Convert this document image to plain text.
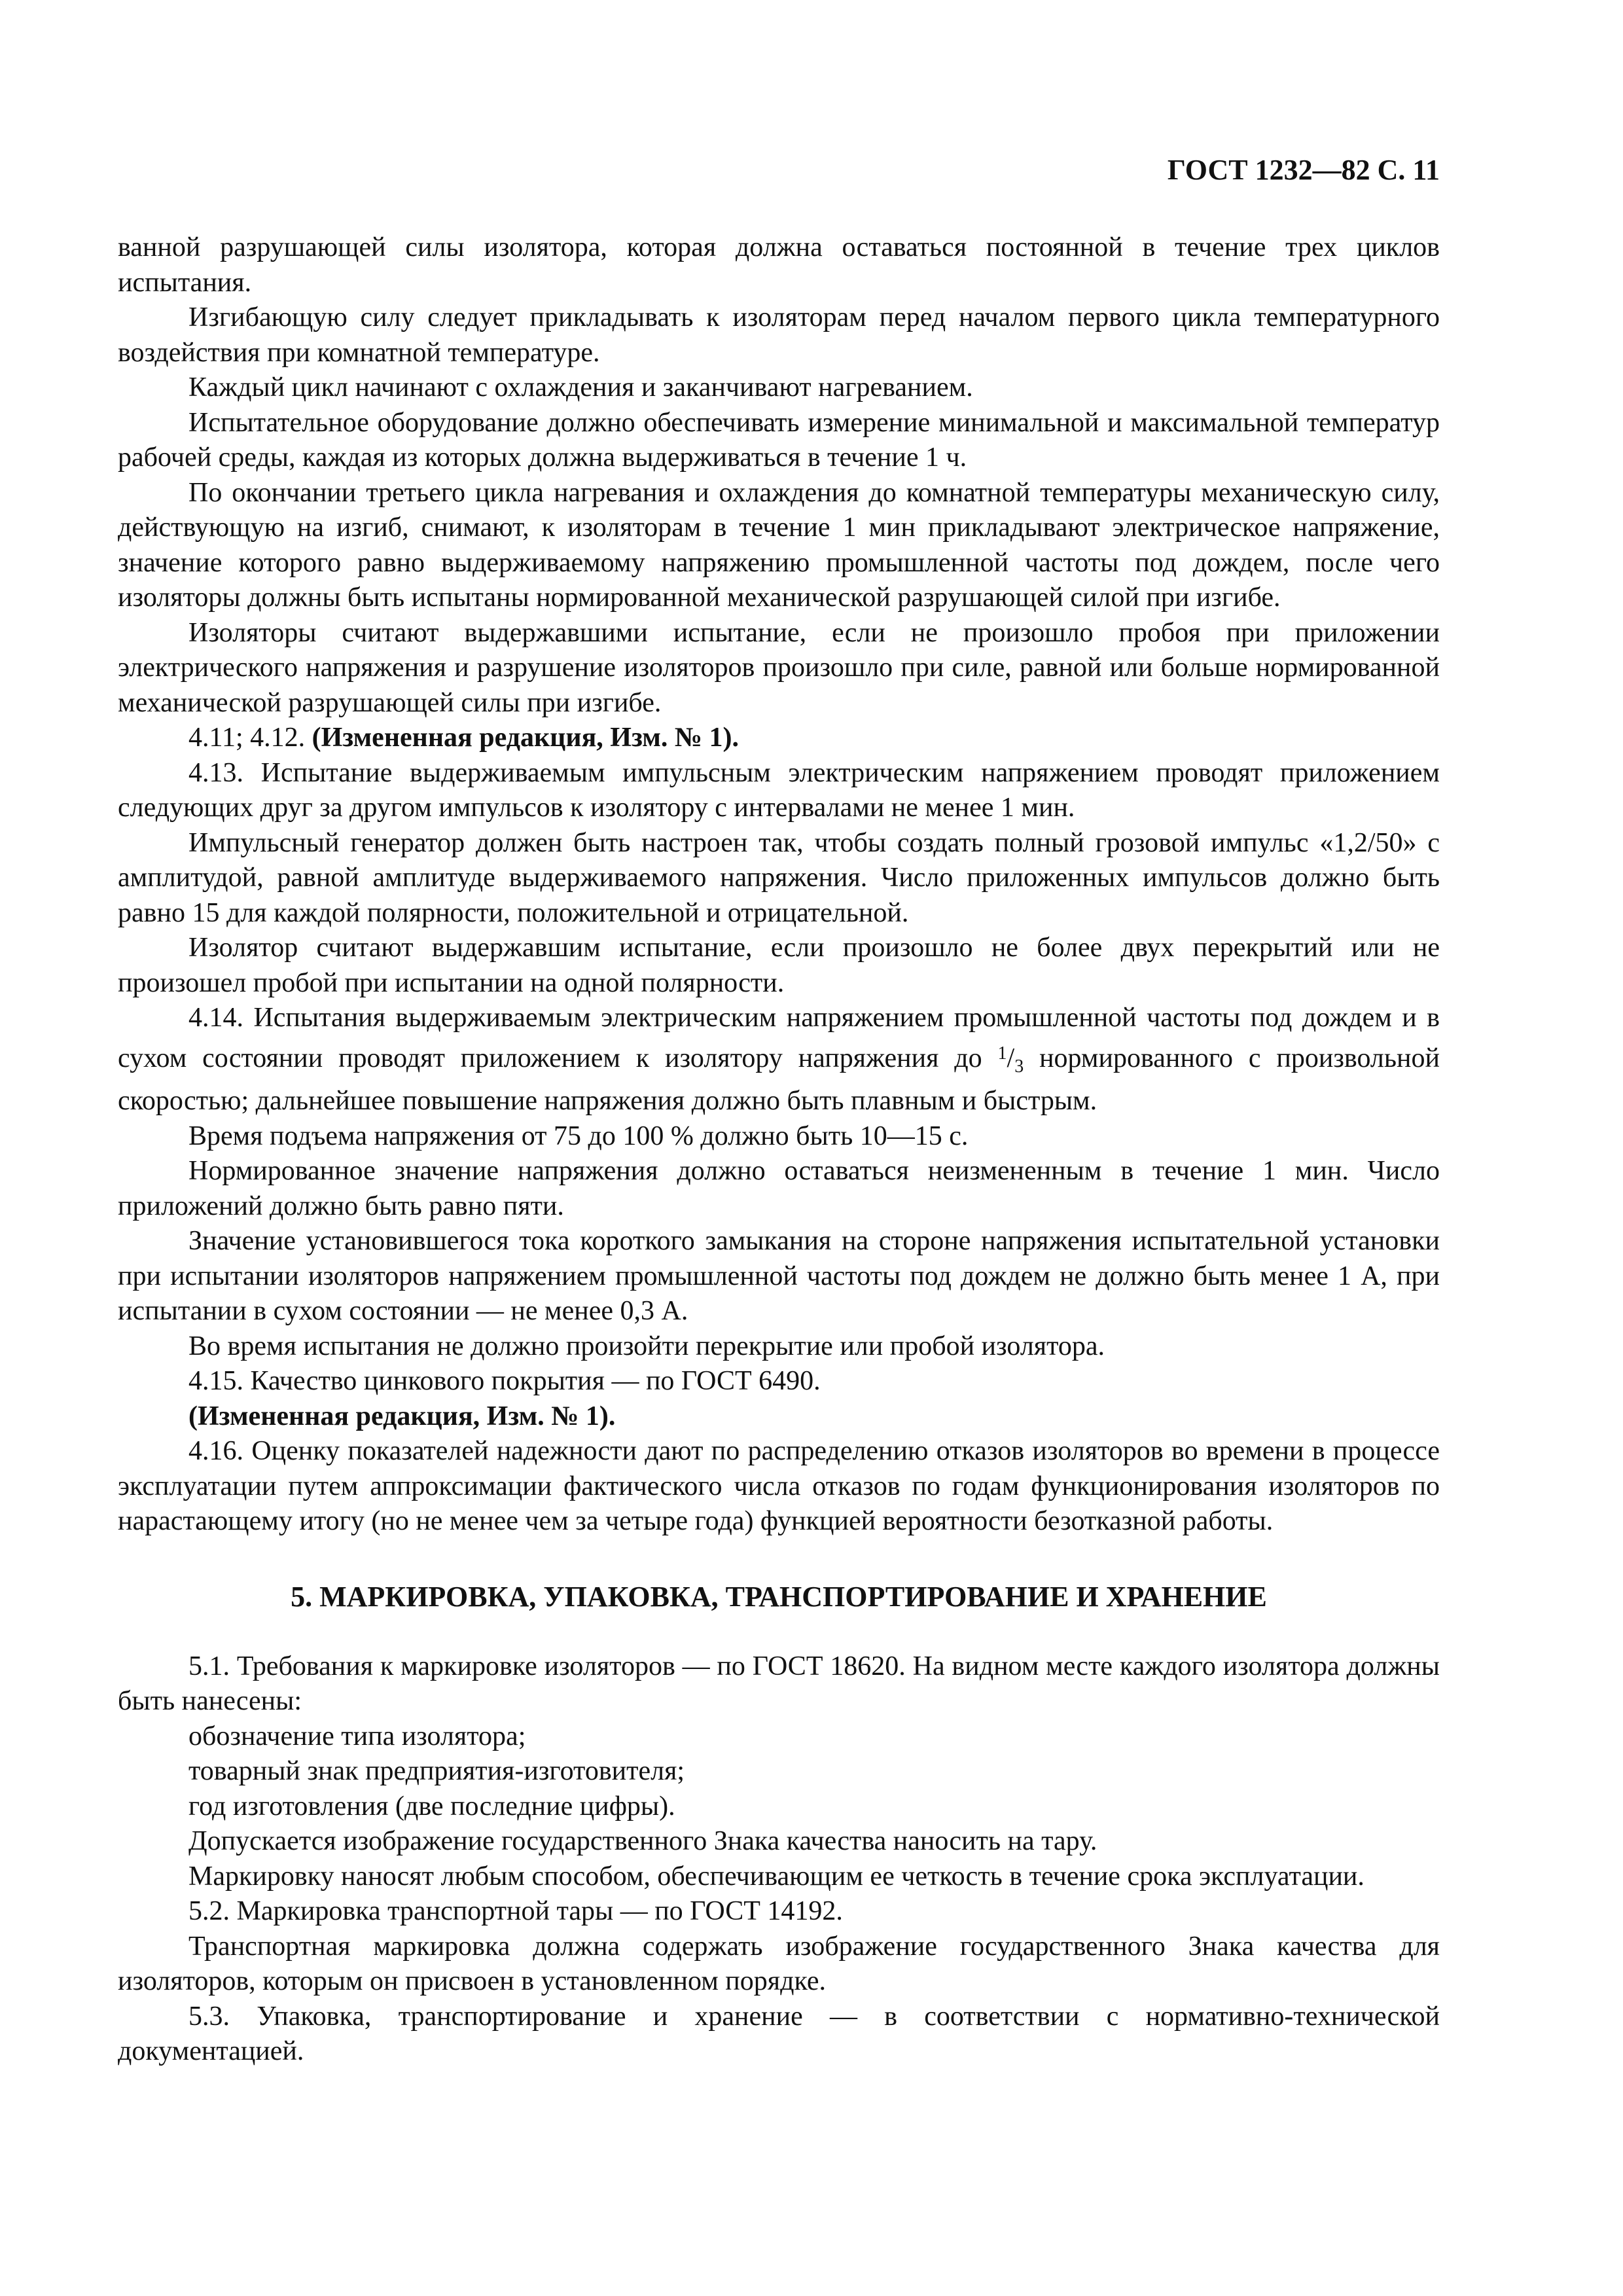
ГОСТ 1232—82 С. 11

ванной разрушающей силы изолятора, которая должна оставаться постоянной в течение трех циклов испытания.

Изгибающую силу следует прикладывать к изоляторам перед началом первого цикла температурного воздействия при комнатной температуре.

Каждый цикл начинают с охлаждения и заканчивают нагреванием.

Испытательное оборудование должно обеспечивать измерение минимальной и максимальной температур рабочей среды, каждая из которых должна выдерживаться в течение 1 ч.

По окончании третьего цикла нагревания и охлаждения до комнатной температуры механическую силу, действующую на изгиб, снимают, к изоляторам в течение 1 мин прикладывают электрическое напряжение, значение которого равно выдерживаемому напряжению промышленной частоты под дождем, после чего изоляторы должны быть испытаны нормированной механической разрушающей силой при изгибе.

Изоляторы считают выдержавшими испытание, если не произошло пробоя при приложении электрического напряжения и разрушение изоляторов произошло при силе, равной или больше нормированной механической разрушающей силы при изгибе.

4.11; 4.12. (Измененная редакция, Изм. № 1).

4.13. Испытание выдерживаемым импульсным электрическим напряжением проводят приложением следующих друг за другом импульсов к изолятору с интервалами не менее 1 мин.

Импульсный генератор должен быть настроен так, чтобы создать полный грозовой импульс «1,2/50» с амплитудой, равной амплитуде выдерживаемого напряжения. Число приложенных импульсов должно быть равно 15 для каждой полярности, положительной и отрицательной.

Изолятор считают выдержавшим испытание, если произошло не более двух перекрытий или не произошел пробой при испытании на одной полярности.

4.14. Испытания выдерживаемым электрическим напряжением промышленной частоты под дождем и в сухом состоянии проводят приложением к изолятору напряжения до $^1/_3$ нормированного с произвольной скоростью; дальнейшее повышение напряжения должно быть плавным и быстрым.

Время подъема напряжения от 75 до 100 % должно быть 10—15 с.

Нормированное значение напряжения должно оставаться неизмененным в течение 1 мин. Число приложений должно быть равно пяти.

Значение установившегося тока короткого замыкания на стороне напряжения испытательной установки при испытании изоляторов напряжением промышленной частоты под дождем не должно быть менее 1 А, при испытании в сухом состоянии — не менее 0,3 А.

Во время испытания не должно произойти перекрытие или пробой изолятора.

4.15. Качество цинкового покрытия — по ГОСТ 6490.

(Измененная редакция, Изм. № 1).

4.16. Оценку показателей надежности дают по распределению отказов изоляторов во времени в процессе эксплуатации путем аппроксимации фактического числа отказов по годам функционирования изоляторов по нарастающему итогу (но не менее чем за четыре года) функцией вероятности безотказной работы.

5. МАРКИРОВКА, УПАКОВКА, ТРАНСПОРТИРОВАНИЕ И ХРАНЕНИЕ

5.1. Требования к маркировке изоляторов — по ГОСТ 18620. На видном месте каждого изолятора должны быть нанесены:

обозначение типа изолятора;

товарный знак предприятия-изготовителя;

год изготовления (две последние цифры).

Допускается изображение государственного Знака качества наносить на тару.

Маркировку наносят любым способом, обеспечивающим ее четкость в течение срока эксплуатации.

5.2. Маркировка транспортной тары — по ГОСТ 14192.

Транспортная маркировка должна содержать изображение государственного Знака качества для изоляторов, которым он присвоен в установленном порядке.

5.3. Упаковка, транспортирование и хранение — в соответствии с нормативно-технической документацией.
